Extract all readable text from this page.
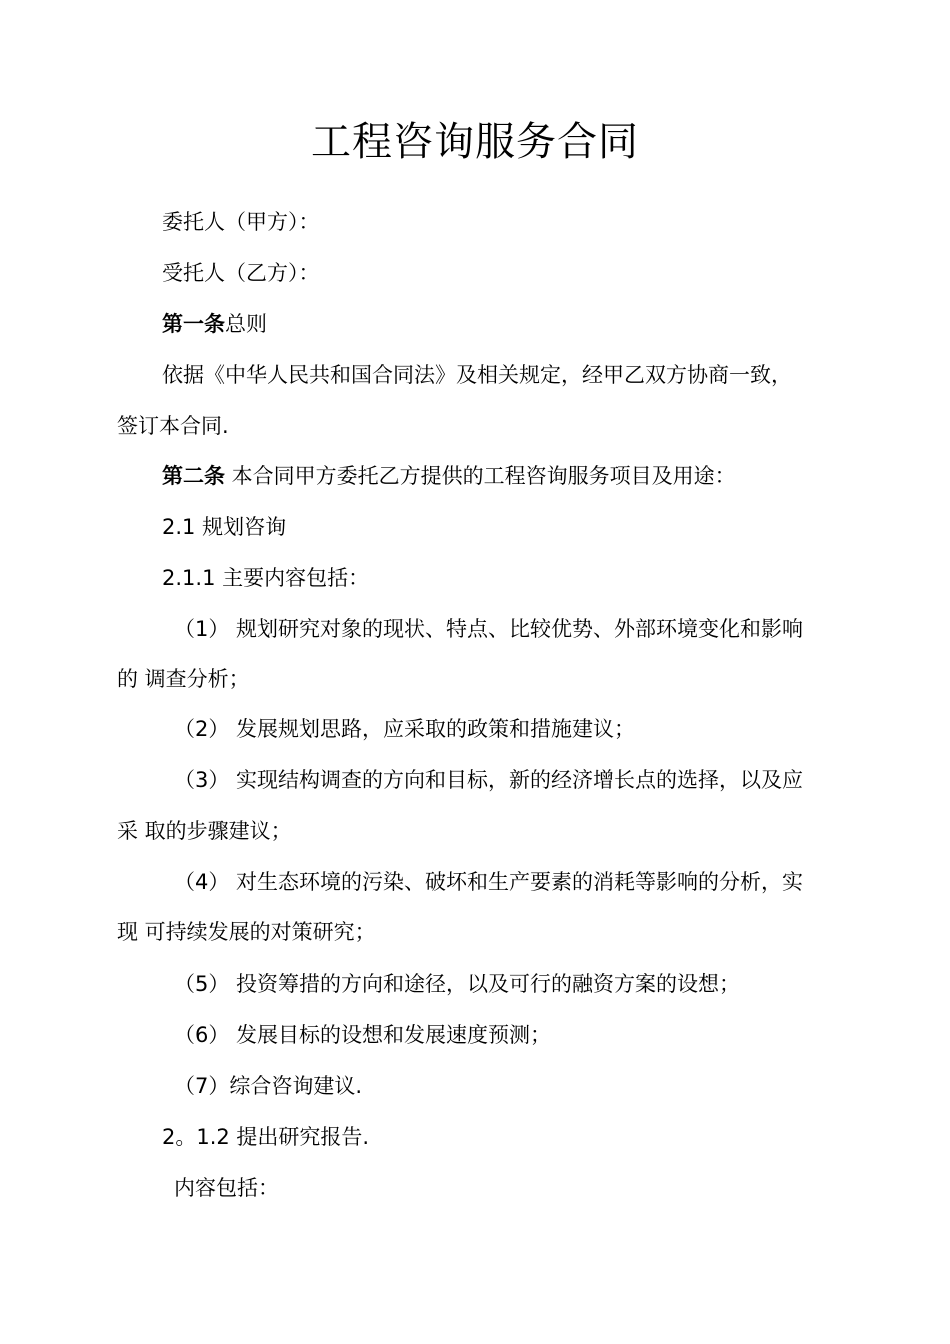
工程咨询服务合同
委托人（甲方）：
受托人（乙方）：
第一条总则
依据《中华人民共和国合同法》及相关规定，经甲乙双方协商一致，
签订本合同.
第二条 本合同甲方委托乙方提供的工程咨询服务项目及用途：
2.1 规划咨询
2.1.1 主要内容包括：
（1） 规划研究对象的现状、特点、比较优势、外部环境变化和影响
的 调查分析；
（2） 发展规划思路，应采取的政策和措施建议；
（3） 实现结构调查的方向和目标，新的经济增长点的选择，以及应
采 取的步骤建议；
（4） 对生态环境的污染、破坏和生产要素的消耗等影响的分析，实
现 可持续发展的对策研究；
（5） 投资筹措的方向和途径，以及可行的融资方案的设想；
（6） 发展目标的设想和发展速度预测；
（7）综合咨询建议.
2。1.2 提出研究报告.
内容包括：
